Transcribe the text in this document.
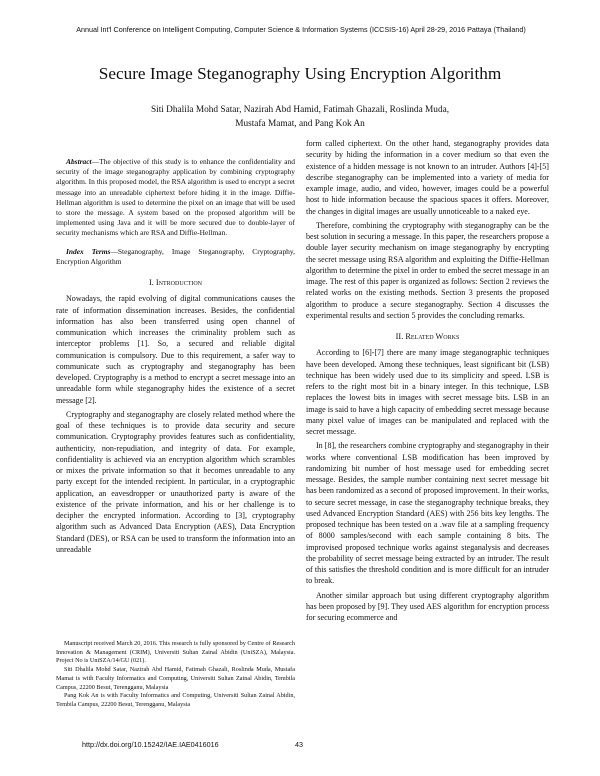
Annual Int'l Conference on Intelligent Computing, Computer Science & Information Systems (ICCSIS-16) April 28-29, 2016 Pattaya (Thailand)
Secure Image Steganography Using Encryption Algorithm
Siti Dhalila Mohd Satar, Nazirah Abd Hamid, Fatimah Ghazali, Roslinda Muda,
Mustafa Mamat, and Pang Kok An

Abstract—The objective of this study is to enhance the confidentiality and security of the image steganography application by combining cryptography algorithm. In this proposed model, the RSA algorithm is used to encrypt a secret message into an unreadable ciphertext before hiding it in the image. Diffie-Hellman algorithm is used to determine the pixel on an image that will be used to store the message. A system based on the proposed algorithm will be implemented using Java and it will be more secured due to double-layer of security mechanisms which are RSA and Diffie-Hellman.

Index Terms—Steganography, Image Steganography, Cryptography, Encryption Algorithm

I. Introduction

Nowadays, the rapid evolving of digital communications causes the rate of information dissemination increases. Besides, the confidential information has also been transferred using open channel of communication which increases the criminality problem such as interceptor problems [1]. So, a secured and reliable digital communication is compulsory. Due to this requirement, a safer way to communicate such as cryptography and steganography has been developed. Cryptography is a method to encrypt a secret message into an unreadable form while steganography hides the existence of a secret message [2].

Cryptography and steganography are closely related method where the goal of these techniques is to provide data security and secure communication. Cryptography provides features such as confidentiality, authenticity, non-repudiation, and integrity of data. For example, confidentiality is achieved via an encryption algorithm which scrambles or mixes the private information so that it becomes unreadable to any party except for the intended recipient. In particular, in a cryptographic application, an eavesdropper or unauthorized party is aware of the existence of the private information, and his or her challenge is to decipher the encrypted information. According to [3], cryptography algorithm such as Advanced Data Encryption (AES), Data Encryption Standard (DES), or RSA can be used to transform the information into an unreadable

Manuscript received March 20, 2016. This research is fully sponsored by Centre of Research Innovation & Management (CRIM), Universiti Sultan Zainal Abidin (UniSZA), Malaysia. Project No is UniSZA/14/GU (021).

Siti Dhalila Mohd Satar, Nazirah Abd Hamid, Fatimah Ghazali, Roslinda Muda, Mustafa Mamat is with Faculty Informatics and Computing, Universiti Sultan Zainal Abidin, Tembila Campus, 22200 Besut, Terengganu, Malaysia

Pang Kok An is with Faculty Informatics and Computing, Universiti Sultan Zainal Abidin, Tembila Campus, 22200 Besut, Terengganu, Malaysia

form called ciphertext. On the other hand, steganography provides data security by hiding the information in a cover medium so that even the existence of a hidden message is not known to an intruder. Authors [4]-[5] describe steganography can be implemented into a variety of media for example image, audio, and video, however, images could be a powerful host to hide information because the spacious spaces it offers. Moreover, the changes in digital images are usually unnoticeable to a naked eye.

Therefore, combining the cryptography with steganography can be the best solution in securing a message. In this paper, the researchers propose a double layer security mechanism on image steganography by encrypting the secret message using RSA algorithm and exploiting the Diffie-Hellman algorithm to determine the pixel in order to embed the secret message in an image. The rest of this paper is organized as follows: Section 2 reviews the related works on the existing methods. Section 3 presents the proposed algorithm to produce a secure steganography. Section 4 discusses the experimental results and section 5 provides the concluding remarks.

II. Related Works

According to [6]-[7] there are many image steganographic techniques have been developed. Among these techniques, least significant bit (LSB) technique has been widely used due to its simplicity and speed. LSB is refers to the right most bit in a binary integer. In this technique, LSB replaces the lowest bits in images with secret message bits. LSB in an image is said to have a high capacity of embedding secret message because many pixel value of images can be manipulated and replaced with the secret message.

In [8], the researchers combine cryptography and steganography in their works where conventional LSB modification has been improved by randomizing bit number of host message used for embedding secret message. Besides, the sample number containing next secret message bit has been randomized as a second of proposed improvement. In their works, to secure secret message, in case the steganography technique breaks, they used Advanced Encryption Standard (AES) with 256 bits key lengths. The proposed technique has been tested on a .wav file at a sampling frequency of 8000 samples/second with each sample containing 8 bits. The improvised proposed technique works against steganalysis and decreases the probability of secret message being extracted by an intruder. The result of this satisfies the threshold condition and is more difficult for an intruder to break.

Another similar approach but using different cryptography algorithm has been proposed by [9]. They used AES algorithm for encryption process for securing ecommerce and

http://dx.doi.org/10.15242/IAE.IAE0416016	43
